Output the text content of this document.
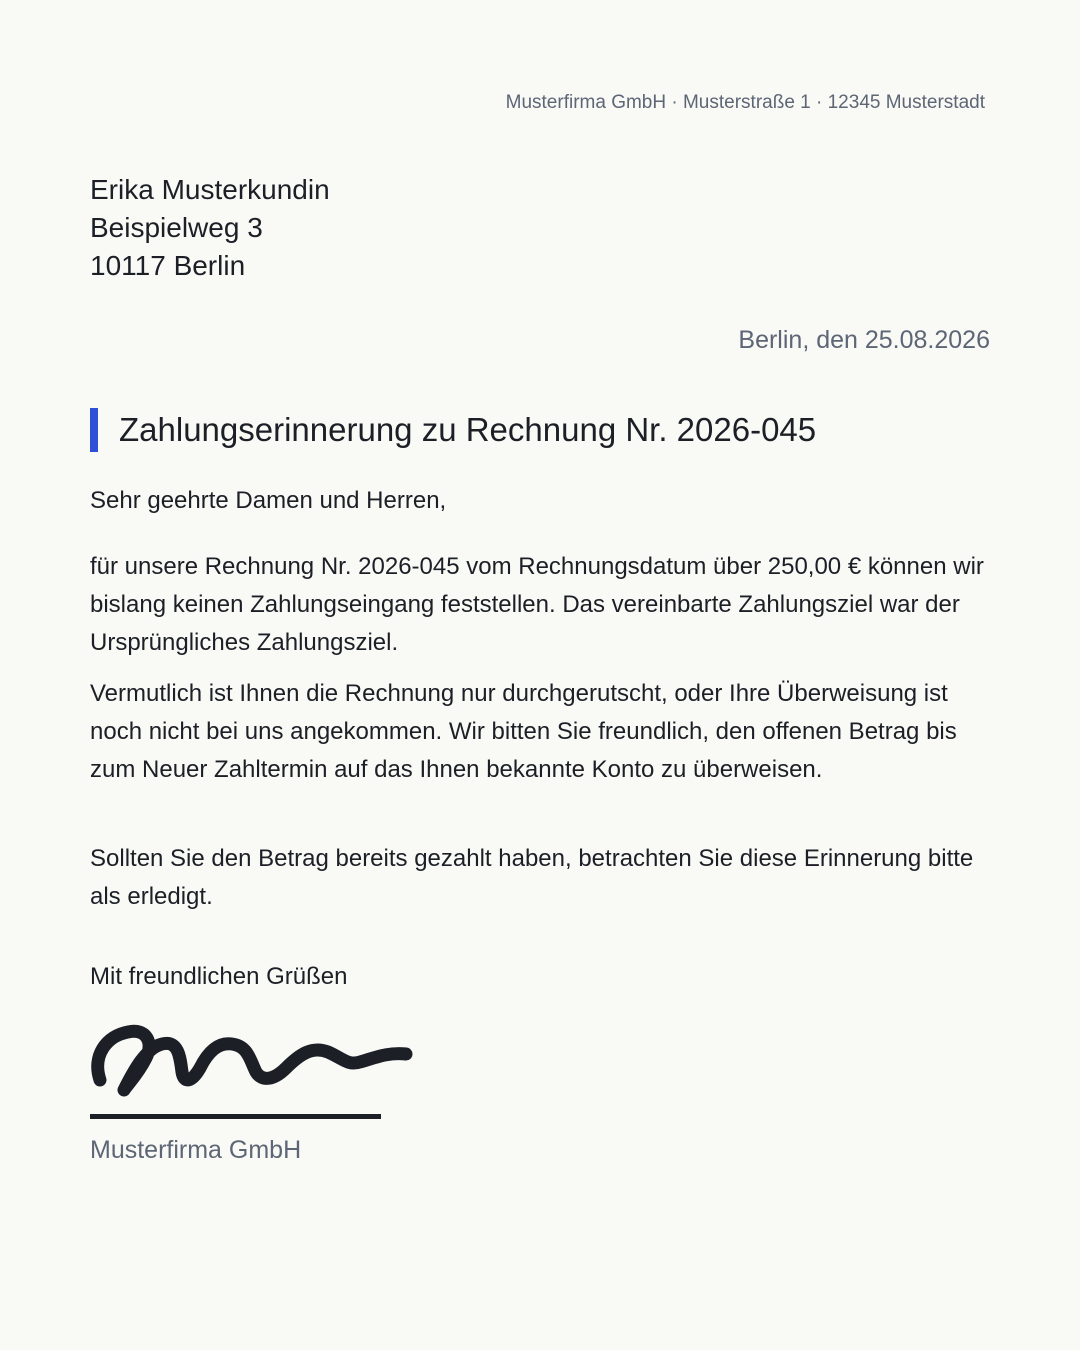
Musterfirma GmbH · Musterstraße 1 · 12345 Musterstadt
Erika Musterkundin
Beispielweg 3
10117 Berlin
Berlin, den 25.08.2026
Zahlungserinnerung zu Rechnung Nr. 2026-045

Sehr geehrte Damen und Herren,

für unsere Rechnung Nr. 2026-045 vom Rechnungsdatum über 250,00 € können wir bislang keinen Zahlungseingang feststellen. Das vereinbarte Zahlungsziel war der Ursprüngliches Zahlungsziel.

Vermutlich ist Ihnen die Rechnung nur durchgerutscht, oder Ihre Überweisung ist noch nicht bei uns angekommen. Wir bitten Sie freundlich, den offenen Betrag bis zum Neuer Zahltermin auf das Ihnen bekannte Konto zu überweisen.

Sollten Sie den Betrag bereits gezahlt haben, betrachten Sie diese Erinnerung bitte als erledigt.

Mit freundlichen Grüßen

Musterfirma GmbH
